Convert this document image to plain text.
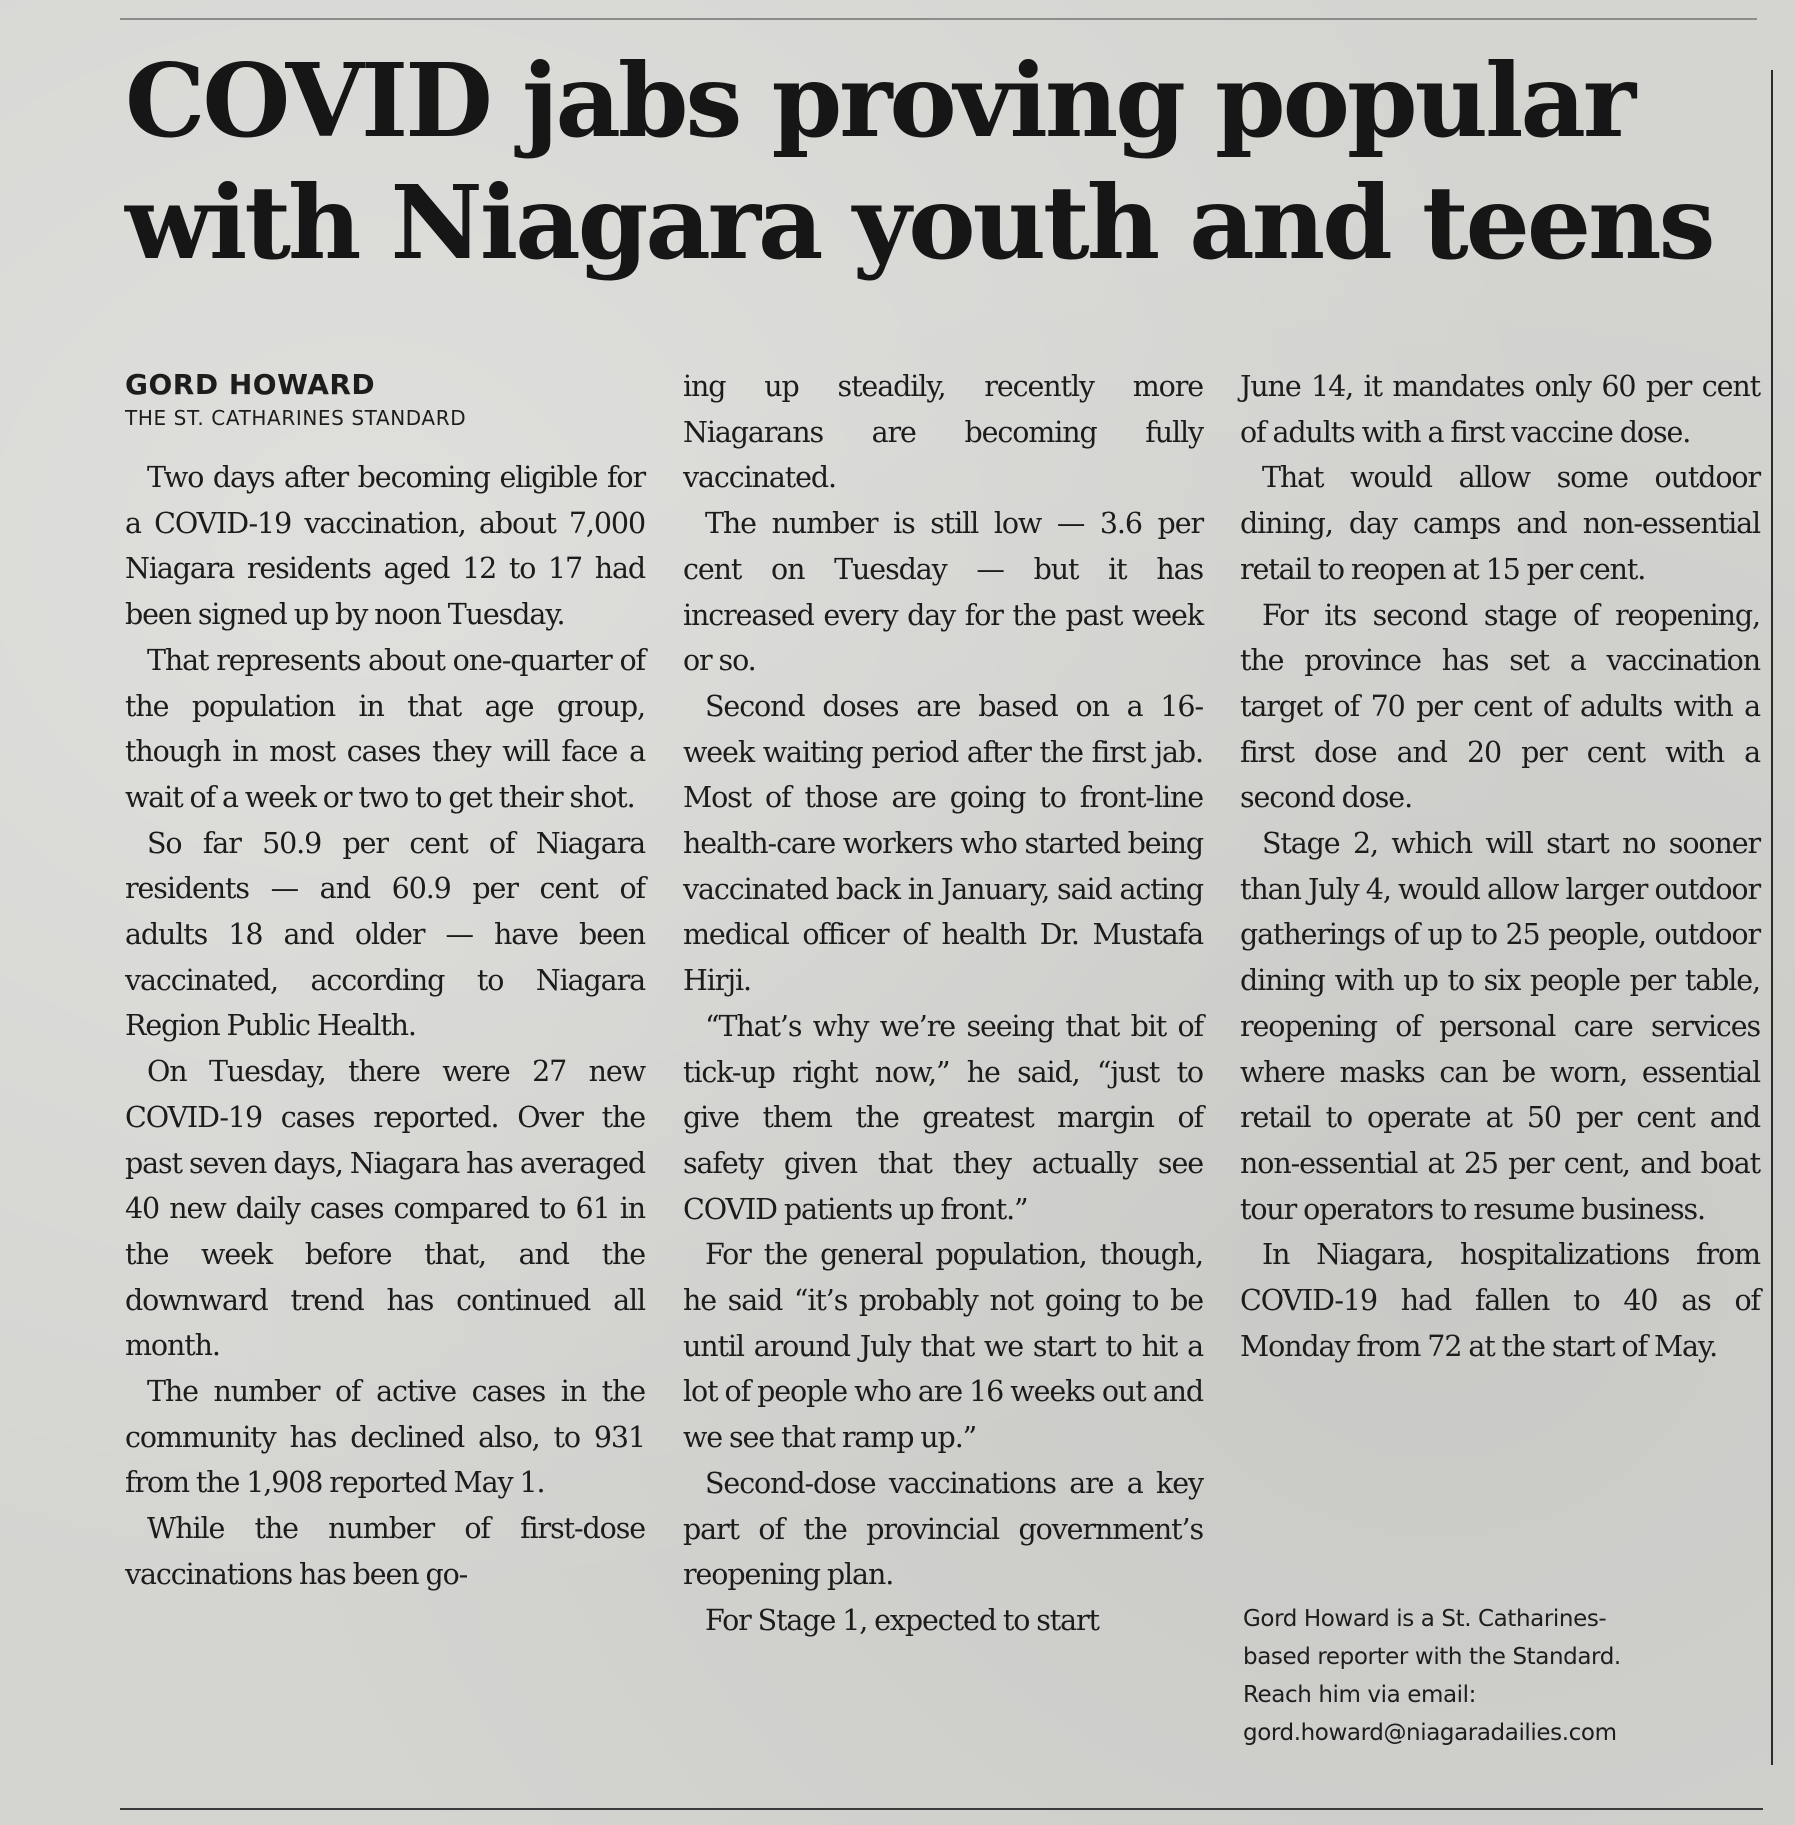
COVID jabs proving popular
with Niagara youth and teens
GORD HOWARD
THE ST. CATHARINES STANDARD

Two days after becoming eligible for a COVID-19 vaccination, about 7,000 Niagara residents aged 12 to 17 had been signed up by noon Tuesday.

That represents about one-quarter of the population in that age group, though in most cases they will face a wait of a week or two to get their shot.

So far 50.9 per cent of Niagara residents — and 60.9 per cent of adults 18 and older — have been vaccinated, according to Niagara Region Public Health.

On Tuesday, there were 27 new COVID-19 cases reported. Over the past seven days, Niagara has averaged 40 new daily cases compared to 61 in the week before that, and the downward trend has continued all month.

The number of active cases in the community has declined also, to 931 from the 1,908 reported May 1.

While the number of first-dose vaccinations has been go-

ing up steadily, recently more Niagarans are becoming fully vaccinated.

The number is still low — 3.6 per cent on Tuesday — but it has increased every day for the past week or so.

Second doses are based on a 16-week waiting period after the first jab. Most of those are going to front-line health-care workers who started being vaccinated back in January, said acting medical officer of health Dr. Mustafa Hirji.

“That’s why we’re seeing that bit of tick-up right now,” he said, “just to give them the greatest margin of safety given that they actually see COVID patients up front.”

For the general population, though, he said “it’s probably not going to be until around July that we start to hit a lot of people who are 16 weeks out and we see that ramp up.”

Second-dose vaccinations are a key part of the provincial government’s reopening plan.

For Stage 1, expected to start

June 14, it mandates only 60 per cent of adults with a first vaccine dose.

That would allow some outdoor dining, day camps and non-essential retail to reopen at 15 per cent.

For its second stage of reopening, the province has set a vaccination target of 70 per cent of adults with a first dose and 20 per cent with a second dose.

Stage 2, which will start no sooner than July 4, would allow larger outdoor gatherings of up to 25 people, outdoor dining with up to six people per table, reopening of personal care services where masks can be worn, essential retail to operate at 50 per cent and non-essential at 25 per cent, and boat tour operators to resume business.

In Niagara, hospitalizations from COVID-19 had fallen to 40 as of Monday from 72 at the start of May.

Gord Howard is a St. Catharines-

based reporter with the Standard.

Reach him via email:

gord.howard@niagaradailies.com
